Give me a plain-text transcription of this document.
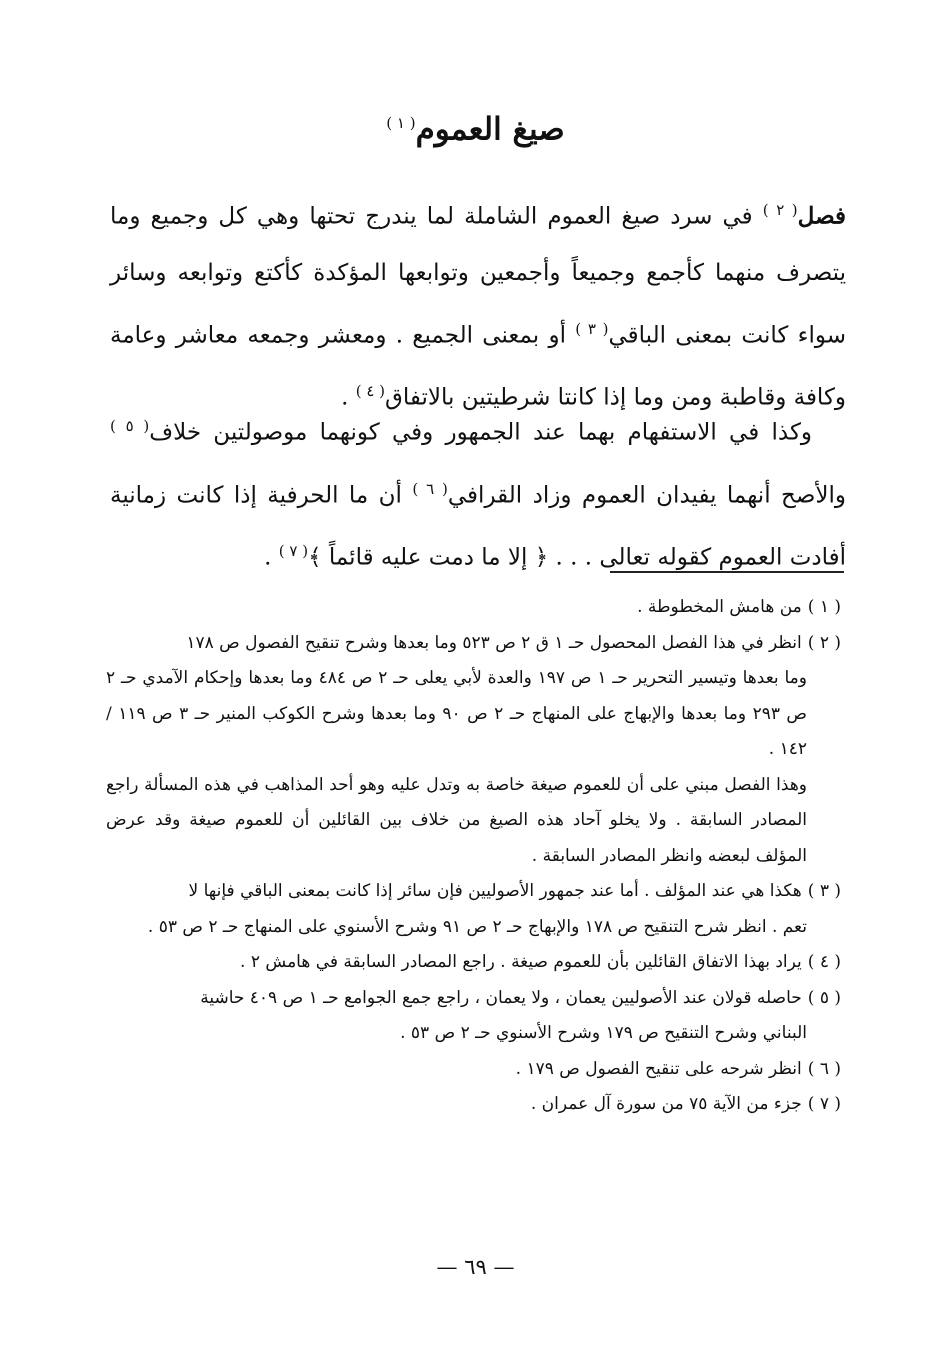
صيغ العموم$^{( ١ )}$
فصل$^{( ٢ )}$ في سرد صيغ العموم الشاملة لما يندرج تحتها وهي كل وجميع وما يتصرف منهما كأجمع وجميعاً وأجمعين وتوابعها المؤكدة كأكتع وتوابعه وسائر سواء كانت بمعنى الباقي$^{( ٣ )}$ أو بمعنى الجميع . ومعشر وجمعه معاشر وعامة وكافة وقاطبة ومن وما إذا كانتا شرطيتين بالاتفاق$^{( ٤ )}$ .
وكذا في الاستفهام بهما عند الجمهور وفي كونهما موصولتين خلاف$^{( ٥ )}$ والأصح أنهما يفيدان العموم وزاد القرافي$^{( ٦ )}$ أن ما الحرفية إذا كانت زمانية أفادت العموم كقوله تعالى . . . ﴿ إلا ما دمت عليه قائماً ﴾$^{( ٧ )}$ .

( ١ )من هامش المخطوطة .

( ٢ )انظر في هذا الفصل المحصول حـ ١ ق ٢ ص ٥٢٣ وما بعدها وشرح تنقيح الفصول ص ١٧٨
وما بعدها وتيسير التحرير حـ ١ ص ١٩٧ والعدة لأبي يعلى حـ ٢ ص ٤٨٤ وما بعدها وإحكام الآمدي حـ ٢ ص ٢٩٣ وما بعدها والإبهاج على المنهاج حـ ٢ ص ٩٠ وما بعدها وشرح الكوكب المنير حـ ٣ ص ١١٩ / ١٤٢ .
وهذا الفصل مبني على أن للعموم صيغة خاصة به وتدل عليه وهو أحد المذاهب في هذه المسألة راجع المصادر السابقة . ولا يخلو آحاد هذه الصيغ من خلاف بين القائلين أن للعموم صيغة وقد عرض المؤلف لبعضه وانظر المصادر السابقة .

( ٣ )هكذا هي عند المؤلف . أما عند جمهور الأصوليين فإن سائر إذا كانت بمعنى الباقي فإنها لا
تعم . انظر شرح التنقيح ص ١٧٨ والإبهاج حـ ٢ ص ٩١ وشرح الأسنوي على المنهاج حـ ٢ ص ٥٣ .

( ٤ )يراد بهذا الاتفاق القائلين بأن للعموم صيغة . راجع المصادر السابقة في هامش ٢ .

( ٥ )حاصله قولان عند الأصوليين يعمان ، ولا يعمان ، راجع جمع الجوامع حـ ١ ص ٤٠٩ حاشية
البناني وشرح التنقيح ص ١٧٩ وشرح الأسنوي حـ ٢ ص ٥٣ .

( ٦ )انظر شرحه على تنقيح الفصول ص ١٧٩ .

( ٧ )جزء من الآية ٧٥ من سورة آل عمران .

— ٦٩ —
